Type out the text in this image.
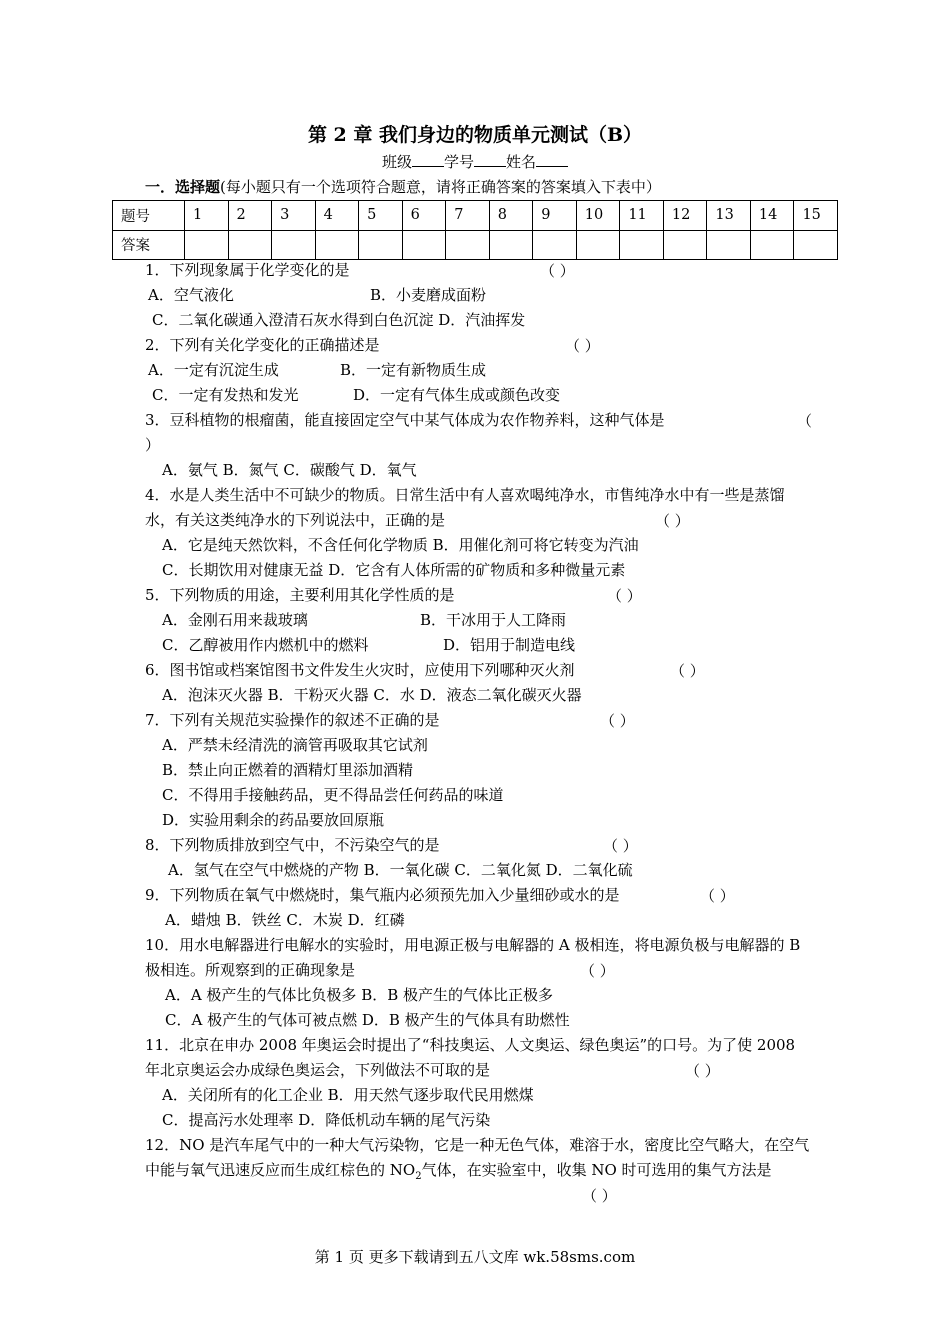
第 2 章 我们身边的物质单元测试（B）
班级 学号 姓名
一．选择题(每小题只有一个选项符合题意，请将正确答案的答案填入下表中）
题号	1	2	3	4	5	6	7	8	9	10	11	12	13	14	15
答案															
1．下列现象属于化学变化的是	（ ）
A．空气液化	B．小麦磨成面粉
C．二氧化碳通入澄清石灰水得到白色沉淀 D．汽油挥发
2．下列有关化学变化的正确描述是	（ ）
A．一定有沉淀生成	B．一定有新物质生成
C．一定有发热和发光	D．一定有气体生成或颜色改变
3．豆科植物的根瘤菌，能直接固定空气中某气体成为农作物养料，这种气体是	（
）
A．氨气 B．氮气 C．碳酸气 D．氧气
4．水是人类生活中不可缺少的物质。日常生活中有人喜欢喝纯净水，市售纯净水中有一些是蒸馏水，有关这类纯净水的下列说法中，正确的是	（ ）
A．它是纯天然饮料，不含任何化学物质 B．用催化剂可将它转变为汽油
C．长期饮用对健康无益 D．它含有人体所需的矿物质和多种微量元素
5．下列物质的用途，主要利用其化学性质的是	（ ）
A．金刚石用来裁玻璃	B．干冰用于人工降雨
C．乙醇被用作内燃机中的燃料	D．铝用于制造电线
6．图书馆或档案馆图书文件发生火灾时，应使用下列哪种灭火剂	（ ）
A．泡沫灭火器 B．干粉灭火器 C．水 D．液态二氧化碳灭火器
7．下列有关规范实验操作的叙述不正确的是	（ ）
A．严禁未经清洗的滴管再吸取其它试剂
B．禁止向正燃着的酒精灯里添加酒精
C．不得用手接触药品，更不得品尝任何药品的味道
D．实验用剩余的药品要放回原瓶
8．下列物质排放到空气中，不污染空气的是	（ ）
A．氢气在空气中燃烧的产物 B．一氧化碳 C．二氧化氮 D．二氧化硫
9．下列物质在氧气中燃烧时，集气瓶内必须预先加入少量细砂或水的是	（ ）
A．蜡烛 B．铁丝 C．木炭 D．红磷
10．用水电解器进行电解水的实验时，用电源正极与电解器的 A 极相连，将电源负极与电解器的 B 极相连。所观察到的正确现象是	（ ）
A．A 极产生的气体比负极多 B．B 极产生的气体比正极多
C．A 极产生的气体可被点燃 D．B 极产生的气体具有助燃性
11．北京在申办 2008 年奥运会时提出了“科技奥运、人文奥运、绿色奥运”的口号。为了使 2008 年北京奥运会办成绿色奥运会，下列做法不可取的是	（ ）
A．关闭所有的化工企业 B．用天然气逐步取代民用燃煤
C．提高污水处理率 D．降低机动车辆的尾气污染
12．NO 是汽车尾气中的一种大气污染物，它是一种无色气体，难溶于水，密度比空气略大，在空气中能与氧气迅速反应而生成红棕色的 $NO_2$气体，在实验室中，收集 NO 时可选用的集气方法是
（ ）
第 1 页 更多下载请到五八文库 wk.58sms.com
